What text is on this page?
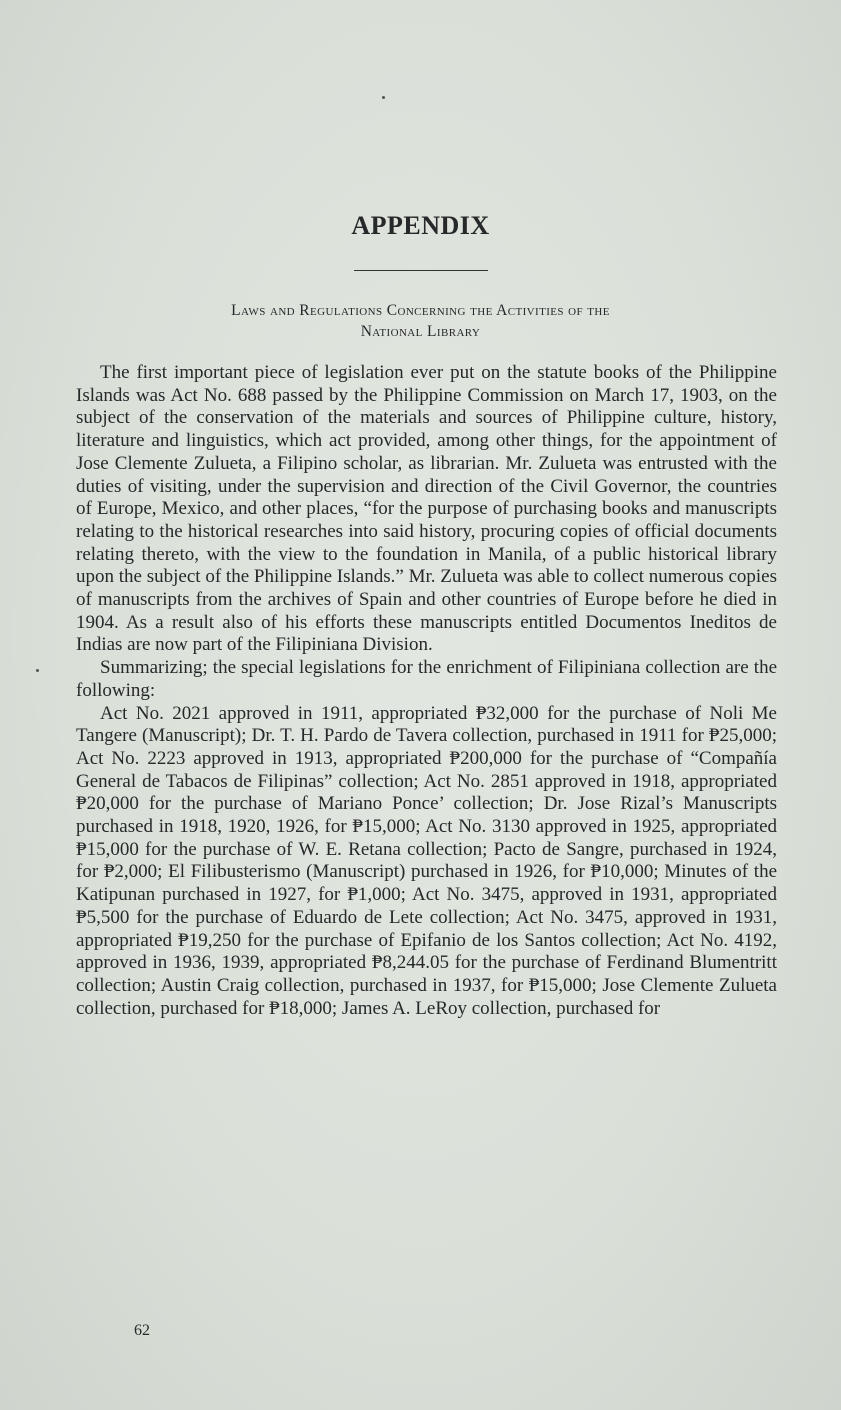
APPENDIX
Laws and Regulations Concerning the Activities of the
National Library

The first important piece of legislation ever put on the statute books of the Philippine Islands was Act No. 688 passed by the Philippine Commission on March 17, 1903, on the subject of the conservation of the materials and sources of Philippine culture, history, literature and linguistics, which act provided, among other things, for the appointment of Jose Clemente Zulueta, a Filipino scholar, as librarian. Mr. Zulueta was entrusted with the duties of visiting, under the supervision and direction of the Civil Governor, the countries of Europe, Mexico, and other places, “for the purpose of purchasing books and manuscripts relating to the historical researches into said history, procuring copies of official documents relating thereto, with the view to the foundation in Manila, of a public historical library upon the subject of the Philippine Islands.” Mr. Zulueta was able to collect numerous copies of manuscripts from the archives of Spain and other countries of Europe before he died in 1904. As a result also of his efforts these manuscripts entitled Documentos Ineditos de Indias are now part of the Filipiniana Division.

Summarizing; the special legislations for the enrichment of Filipiniana collection are the following:

Act No. 2021 approved in 1911, appropriated ₱32,000 for the purchase of Noli Me Tangere (Manuscript); Dr. T. H. Pardo de Tavera collection, purchased in 1911 for ₱25,000; Act No. 2223 approved in 1913, appropriated ₱200,000 for the purchase of “Compañía General de Tabacos de Filipinas” collection; Act No. 2851 approved in 1918, appropriated ₱20,000 for the purchase of Mariano Ponce’ collection; Dr. Jose Rizal’s Manuscripts purchased in 1918, 1920, 1926, for ₱15,000; Act No. 3130 approved in 1925, appropriated ₱15,000 for the purchase of W. E. Retana collection; Pacto de Sangre, purchased in 1924, for ₱2,000; El Filibusterismo (Manuscript) purchased in 1926, for ₱10,000; Minutes of the Katipunan purchased in 1927, for ₱1,000; Act No. 3475, approved in 1931, appropriated ₱5,500 for the purchase of Eduardo de Lete collection; Act No. 3475, approved in 1931, appropriated ₱19,250 for the purchase of Epifanio de los Santos collection; Act No. 4192, approved in 1936, 1939, appropriated ₱8,244.05 for the purchase of Ferdinand Blumentritt collection; Austin Craig collection, purchased in 1937, for ₱15,000; Jose Clemente Zulueta collection, purchased for ₱18,000; James A. LeRoy collection, purchased for

62
